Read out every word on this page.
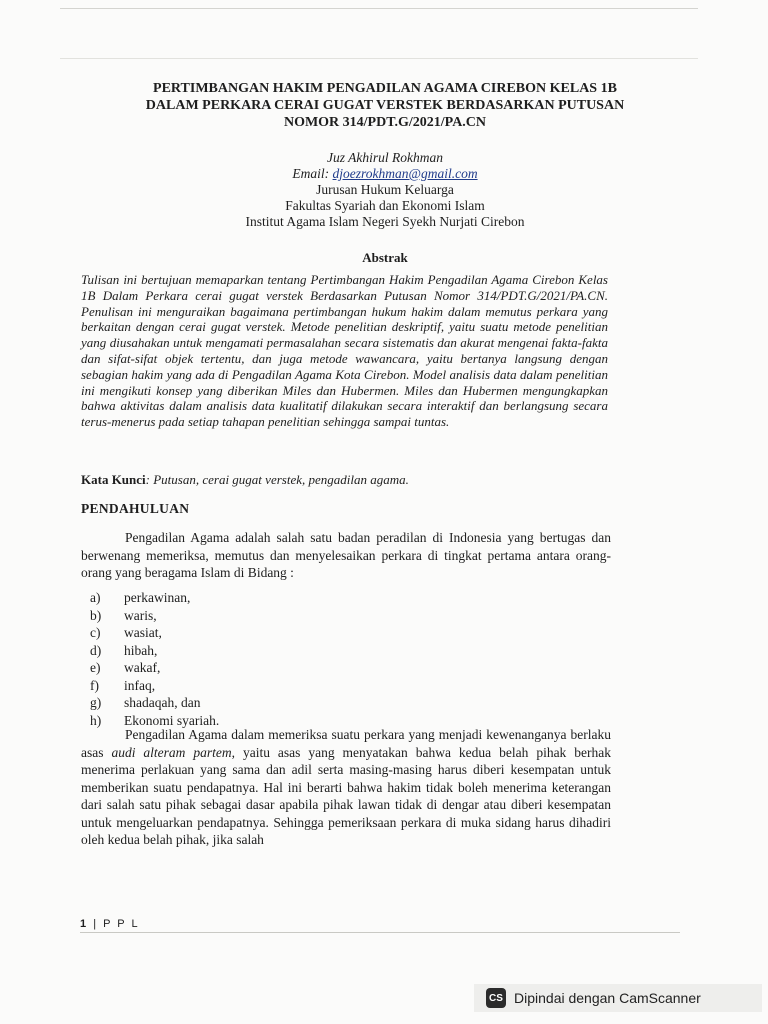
PERTIMBANGAN HAKIM PENGADILAN AGAMA CIREBON KELAS 1B
DALAM PERKARA CERAI GUGAT VERSTEK BERDASARKAN PUTUSAN
NOMOR 314/PDT.G/2021/PA.CN
Juz Akhirul Rokhman
Email: djoezrokhman@gmail.com
Jurusan Hukum Keluarga
Fakultas Syariah dan Ekonomi Islam
Institut Agama Islam Negeri Syekh Nurjati Cirebon
Abstrak
Tulisan ini bertujuan memaparkan tentang Pertimbangan Hakim Pengadilan Agama Cirebon Kelas 1B Dalam Perkara cerai gugat verstek Berdasarkan Putusan Nomor 314/PDT.G/2021/PA.CN. Penulisan ini menguraikan bagaimana pertimbangan hukum hakim dalam memutus perkara yang berkaitan dengan cerai gugat verstek. Metode penelitian deskriptif, yaitu suatu metode penelitian yang diusahakan untuk mengamati permasalahan secara sistematis dan akurat mengenai fakta-fakta dan sifat-sifat objek tertentu, dan juga metode wawancara, yaitu bertanya langsung dengan sebagian hakim yang ada di Pengadilan Agama Kota Cirebon. Model analisis data dalam penelitian ini mengikuti konsep yang diberikan Miles dan Hubermen. Miles dan Hubermen mengungkapkan bahwa aktivitas dalam analisis data kualitatif dilakukan secara interaktif dan berlangsung secara terus-menerus pada setiap tahapan penelitian sehingga sampai tuntas.
Kata Kunci: Putusan, cerai gugat verstek, pengadilan agama.
PENDAHULUAN
Pengadilan Agama adalah salah satu badan peradilan di Indonesia yang bertugas dan berwenang memeriksa, memutus dan menyelesaikan perkara di tingkat pertama antara orang-orang yang beragama Islam di Bidang :
a)	perkawinan,
b)	waris,
c)	wasiat,
d)	hibah,
e)	wakaf,
f)	infaq,
g)	shadaqah, dan
h)	Ekonomi syariah.
Pengadilan Agama dalam memeriksa suatu perkara yang menjadi kewenanganya berlaku asas audi alteram partem, yaitu asas yang menyatakan bahwa kedua belah pihak berhak menerima perlakuan yang sama dan adil serta masing-masing harus diberi kesempatan untuk memberikan suatu pendapatnya. Hal ini berarti bahwa hakim tidak boleh menerima keterangan dari salah satu pihak sebagai dasar apabila pihak lawan tidak di dengar atau diberi kesempatan untuk mengeluarkan pendapatnya. Sehingga pemeriksaan perkara di muka sidang harus dihadiri oleh kedua belah pihak, jika salah
1 | P P L
CS Dipindai dengan CamScanner
